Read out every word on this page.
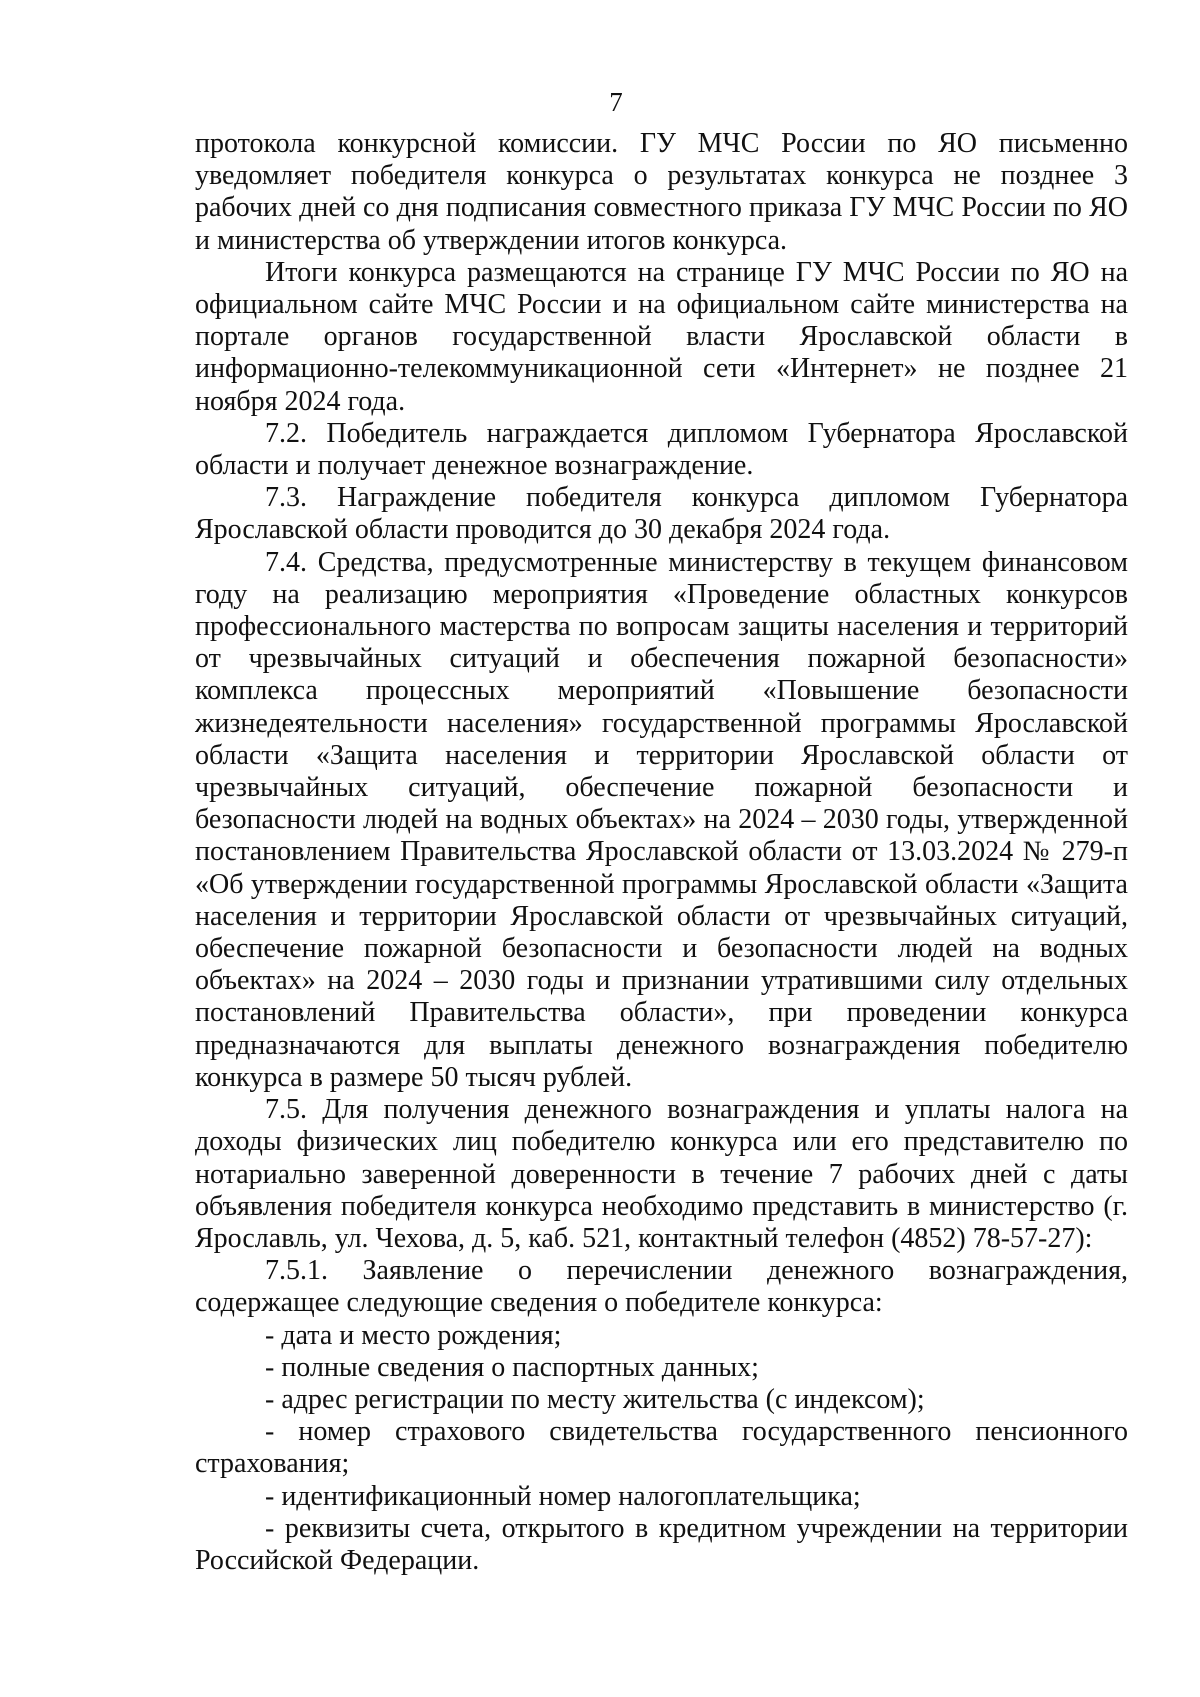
7

протокола конкурсной комиссии. ГУ МЧС России по ЯО письменно уведомляет победителя конкурса о результатах конкурса не позднее 3 рабочих дней со дня подписания совместного приказа ГУ МЧС России по ЯО и министерства об утверждении итогов конкурса.

Итоги конкурса размещаются на странице ГУ МЧС России по ЯО на официальном сайте МЧС России и на официальном сайте министерства на портале органов государственной власти Ярославской области в информационно-телекоммуникационной сети «Интернет» не позднее 21 ноября 2024 года.

7.2. Победитель награждается дипломом Губернатора Ярославской области и получает денежное вознаграждение.

7.3. Награждение победителя конкурса дипломом Губернатора Ярославской области проводится до 30 декабря 2024 года.

7.4. Средства, предусмотренные министерству в текущем финансовом году на реализацию мероприятия «Проведение областных конкурсов профессионального мастерства по вопросам защиты населения и территорий от чрезвычайных ситуаций и обеспечения пожарной безопасности» комплекса процессных мероприятий «Повышение безопасности жизнедеятельности населения» государственной программы Ярославской области «Защита населения и территории Ярославской области от чрезвычайных ситуаций, обеспечение пожарной безопасности и безопасности людей на водных объектах» на 2024 – 2030 годы, утвержденной постановлением Правительства Ярославской области от 13.03.2024 № 279-п «Об утверждении государственной программы Ярославской области «Защита населения и территории Ярославской области от чрезвычайных ситуаций, обеспечение пожарной безопасности и безопасности людей на водных объектах» на 2024 – 2030 годы и признании утратившими силу отдельных постановлений Правительства области», при проведении конкурса предназначаются для выплаты денежного вознаграждения победителю конкурса в размере 50 тысяч рублей.

7.5. Для получения денежного вознаграждения и уплаты налога на доходы физических лиц победителю конкурса или его представителю по нотариально заверенной доверенности в течение 7 рабочих дней с даты объявления победителя конкурса необходимо представить в министерство (г. Ярославль, ул. Чехова, д. 5, каб. 521, контактный телефон (4852) 78-57-27):

7.5.1. Заявление о перечислении денежного вознаграждения, содержащее следующие сведения о победителе конкурса:

- дата и место рождения;

- полные сведения о паспортных данных;

- адрес регистрации по месту жительства (с индексом);

- номер страхового свидетельства государственного пенсионного страхования;

- идентификационный номер налогоплательщика;

- реквизиты счета, открытого в кредитном учреждении на территории Российской Федерации.
